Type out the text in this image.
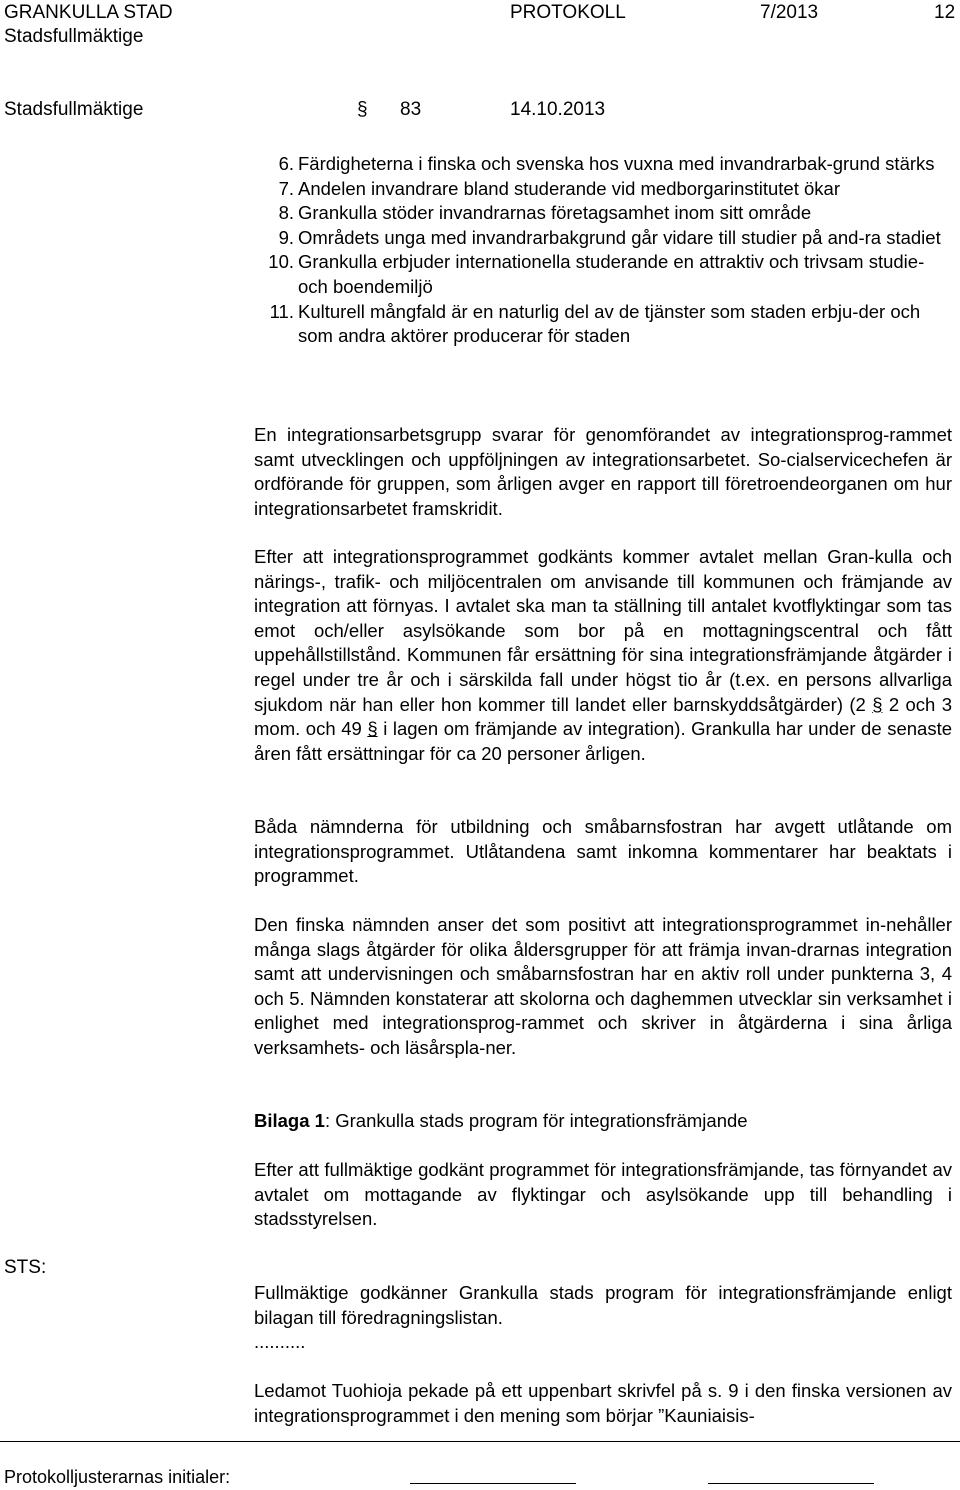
GRANKULLA STAD	PROTOKOLL	7/2013	12
Stadsfullmäktige
Stadsfullmäktige	§ 83	14.10.2013
6. Färdigheterna i finska och svenska hos vuxna med invandrarbak-grund stärks
7. Andelen invandrare bland studerande vid medborgarinstitutet ökar
8. Grankulla stöder invandrarnas företagsamhet inom sitt område
9. Områdets unga med invandrarbakgrund går vidare till studier på and-ra stadiet
10. Grankulla erbjuder internationella studerande en attraktiv och trivsam studie- och boendemiljö
11. Kulturell mångfald är en naturlig del av de tjänster som staden erbju-der och som andra aktörer producerar för staden

En integrationsarbetsgrupp svarar för genomförandet av integrationsprog-rammet samt utvecklingen och uppföljningen av integrationsarbetet. So-cialservicechefen är ordförande för gruppen, som årligen avger en rapport till företroendeorganen om hur integrationsarbetet framskridit.

Efter att integrationsprogrammet godkänts kommer avtalet mellan Gran-kulla och närings-, trafik- och miljöcentralen om anvisande till kommunen och främjande av integration att förnyas. I avtalet ska man ta ställning till antalet kvotflyktingar som tas emot och/eller asylsökande som bor på en mottagningscentral och fått uppehållstillstånd. Kommunen får ersättning för sina integrationsfrämjande åtgärder i regel under tre år och i särskilda fall under högst tio år (t.ex. en persons allvarliga sjukdom när han eller hon kommer till landet eller barnskyddsåtgärder) (2 § 2 och 3 mom. och 49 § i lagen om främjande av integration). Grankulla har under de senaste åren fått ersättningar för ca 20 personer årligen.

Båda nämnderna för utbildning och småbarnsfostran har avgett utlåtande om integrationsprogrammet. Utlåtandena samt inkomna kommentarer har beaktats i programmet.

Den finska nämnden anser det som positivt att integrationsprogrammet in-nehåller många slags åtgärder för olika åldersgrupper för att främja invan-drarnas integration samt att undervisningen och småbarnsfostran har en aktiv roll under punkterna 3, 4 och 5. Nämnden konstaterar att skolorna och daghemmen utvecklar sin verksamhet i enlighet med integrationsprog-rammet och skriver in åtgärderna i sina årliga verksamhets- och läsårspla-ner.

Bilaga 1: Grankulla stads program för integrationsfrämjande

Efter att fullmäktige godkänt programmet för integrationsfrämjande, tas förnyandet av avtalet om mottagande av flyktingar och asylsökande upp till behandling i stadsstyrelsen.

STS:

Fullmäktige godkänner Grankulla stads program för integrationsfrämjande enligt bilagan till föredragningslistan.

..........

Ledamot Tuohioja pekade på ett uppenbart skrivfel på s. 9 i den finska versionen av integrationsprogrammet i den mening som börjar ”Kauniaisis-

Protokolljusterarnas initialer:
